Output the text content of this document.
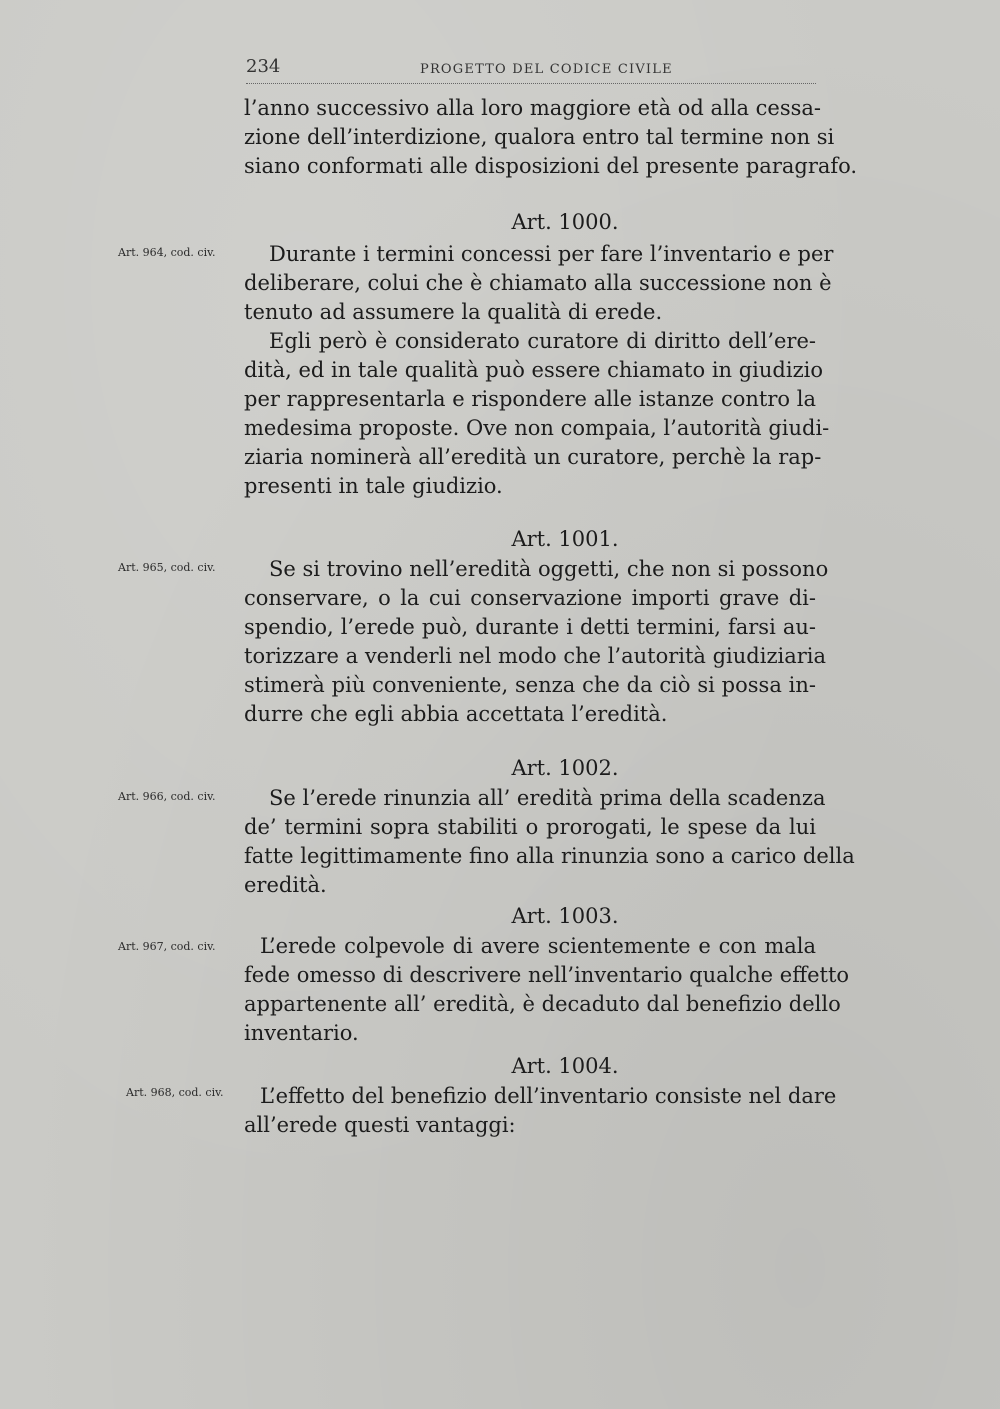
234	PROGETTO DEL CODICE CIVILE
l’anno successivo alla loro maggiore età od alla cessa-
zione dell’interdizione, qualora entro tal termine non si
siano conformati alle disposizioni del presente paragrafo.
Art. 1000.
Art. 964, cod. civ.	Durante i termini concessi per fare l’inventario e per
deliberare, colui che è chiamato alla successione non è
tenuto ad assumere la qualità di erede.
Egli però è considerato curatore di diritto dell’ere-
dità, ed in tale qualità può essere chiamato in giudizio
per rappresentarla e rispondere alle istanze contro la
medesima proposte. Ove non compaia, l’autorità giudi-
ziaria nominerà all’eredità un curatore, perchè la rap-
presenti in tale giudizio.
Art. 1001.
Art. 965, cod. civ.	Se si trovino nell’eredità oggetti, che non si possono
conservare, o la cui conservazione importi grave di-
spendio, l’erede può, durante i detti termini, farsi au-
torizzare a venderli nel modo che l’autorità giudiziaria
stimerà più conveniente, senza che da ciò si possa in-
durre che egli abbia accettata l’eredità.
Art. 1002.
Art. 966, cod. civ.	Se l’erede rinunzia all’ eredità prima della scadenza
de’ termini sopra stabiliti o prorogati, le spese da lui
fatte legittimamente fino alla rinunzia sono a carico della
eredità.
Art. 1003.
Art. 967, cod. civ.	L’erede colpevole di avere scientemente e con mala
fede omesso di descrivere nell’inventario qualche effetto
appartenente all’ eredità, è decaduto dal benefizio dello
inventario.
Art. 1004.
Art. 968, cod. civ.	L’effetto del benefizio dell’inventario consiste nel dare
all’erede questi vantaggi:
